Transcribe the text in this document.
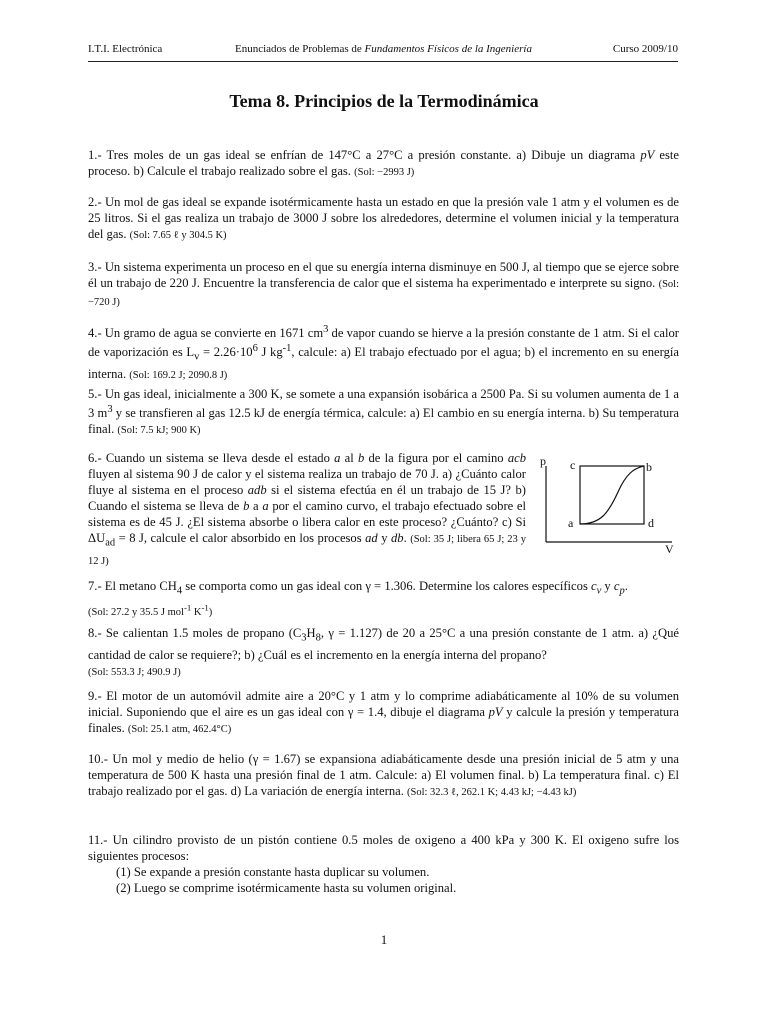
I.T.I. Electrónica	Enunciados de Problemas de Fundamentos Físicos de la Ingeniería	Curso 2009/10
Tema 8. Principios de la Termodinámica
1.- Tres moles de un gas ideal se enfrían de 147°C a 27°C a presión constante. a) Dibuje un diagrama pV este proceso. b) Calcule el trabajo realizado sobre el gas. (Sol: −2993 J)
2.- Un mol de gas ideal se expande isotérmicamente hasta un estado en que la presión vale 1 atm y el volumen es de 25 litros. Si el gas realiza un trabajo de 3000 J sobre los alrededores, determine el volumen inicial y la temperatura del gas. (Sol: 7.65 ℓ y 304.5 K)
3.- Un sistema experimenta un proceso en el que su energía interna disminuye en 500 J, al tiempo que se ejerce sobre él un trabajo de 220 J. Encuentre la transferencia de calor que el sistema ha experimentado e interprete su signo. (Sol: −720 J)
4.- Un gramo de agua se convierte en 1671 $cm^3$ de vapor cuando se hierve a la presión constante de 1 atm. Si el calor de vaporización es $L_v = 2.26\cdot 10^6$ J $kg^{-1}$, calcule: a) El trabajo efectuado por el agua; b) el incremento en su energía interna. (Sol: 169.2 J; 2090.8 J)
5.- Un gas ideal, inicialmente a 300 K, se somete a una expansión isobárica a 2500 Pa. Si su volumen aumenta de 1 a 3 $m^3$ y se transfieren al gas 12.5 kJ de energía térmica, calcule: a) El cambio en su energía interna. b) Su temperatura final. (Sol: 7.5 kJ; 900 K)
6.- Cuando un sistema se lleva desde el estado a al b de la figura por el camino acb fluyen al sistema 90 J de calor y el sistema realiza un trabajo de 70 J. a) ¿Cuánto calor fluye al sistema en el proceso adb si el sistema efectúa en él un trabajo de 15 J? b) Cuando el sistema se lleva de b a a por el camino curvo, el trabajo efectuado sobre el sistema es de 45 J. ¿El sistema absorbe o libera calor en este proceso? ¿Cuánto? c) Si $\Delta U_{ad} = 8$ J, calcule el calor absorbido en los procesos ad y db. (Sol: 35 J; libera 65 J; 23 y 12 J)
p
V
c	b
a	d
7.- El metano $CH_4$ se comporta como un gas ideal con γ = 1.306. Determine los calores específicos $c_v$ y $c_p$.
(Sol: 27.2 y 35.5 J mol$^{-1}$ $K^{-1}$)
8.- Se calientan 1.5 moles de propano ($C_3H_8$, γ = 1.127) de 20 a 25°C a una presión constante de 1 atm. a) ¿Qué cantidad de calor se requiere?; b) ¿Cuál es el incremento en la energía interna del propano?
(Sol: 553.3 J; 490.9 J)
9.- El motor de un automóvil admite aire a 20°C y 1 atm y lo comprime adiabáticamente al 10% de su volumen inicial. Suponiendo que el aire es un gas ideal con γ = 1.4, dibuje el diagrama pV y calcule la presión y temperatura finales. (Sol: 25.1 atm, 462.4°C)
10.- Un mol y medio de helio (γ = 1.67) se expansiona adiabáticamente desde una presión inicial de 5 atm y una temperatura de 500 K hasta una presión final de 1 atm. Calcule: a) El volumen final. b) La temperatura final. c) El trabajo realizado por el gas. d) La variación de energía interna. (Sol: 32.3 ℓ, 262.1 K; 4.43 kJ; −4.43 kJ)
11.- Un cilindro provisto de un pistón contiene 0.5 moles de oxigeno a 400 kPa y 300 K. El oxigeno sufre los siguientes procesos:
(1) Se expande a presión constante hasta duplicar su volumen.
(2) Luego se comprime isotérmicamente hasta su volumen original.
1
